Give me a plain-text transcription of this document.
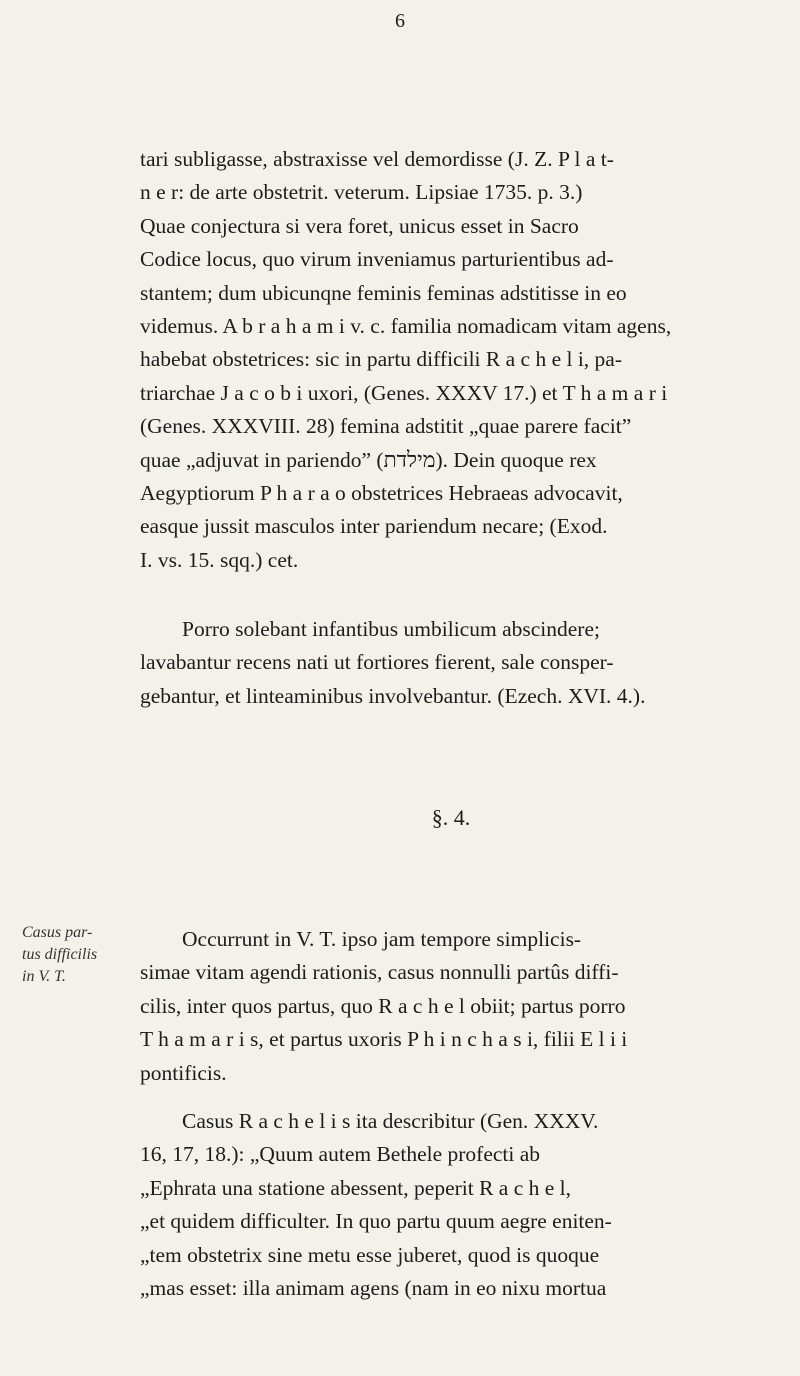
6

tari subligasse, abstraxisse vel demordisse (J. Z. P l a t-
n e r: de arte obstetrit. veterum. Lipsiae 1735. p. 3.)
Quae conjectura si vera foret, unicus esset in Sacro
Codice locus, quo virum inveniamus parturientibus ad-
stantem; dum ubicunqne feminis feminas adstitisse in eo
videmus. A b r a h a m i v. c. familia nomadicam vitam agens,
habebat obstetrices: sic in partu difficili R a c h e l i, pa-
triarchae J a c o b i uxori, (Genes. XXXV 17.) et T h a m a r i
(Genes. XXXVIII. 28) femina adstitit „quae parere facit”
quae „adjuvat in pariendo” (מילדת). Dein quoque rex
Aegyptiorum P h a r a o obstetrices Hebraeas advocavit,
easque jussit masculos inter pariendum necare; (Exod.
I. vs. 15. sqq.) cet.

Porro solebant infantibus umbilicum abscindere;
lavabantur recens nati ut fortiores fierent, sale consper-
gebantur, et linteaminibus involvebantur. (Ezech. XVI. 4.).

§. 4.

Casus par-
tus difficilis
in V. T.

Occurrunt in V. T. ipso jam tempore simplicis-
simae vitam agendi rationis, casus nonnulli partûs diffi-
cilis, inter quos partus, quo R a c h e l obiit; partus porro
T h a m a r i s, et partus uxoris P h i n c h a s i, filii E l i i
pontificis.

Casus R a c h e l i s ita describitur (Gen. XXXV.
16, 17, 18.): „Quum autem Bethele profecti ab
„Ephrata una statione abessent, peperit R a c h e l,
„et quidem difficulter. In quo partu quum aegre eniten-
„tem obstetrix sine metu esse juberet, quod is quoque
„mas esset: illa animam agens (nam in eo nixu mortua
